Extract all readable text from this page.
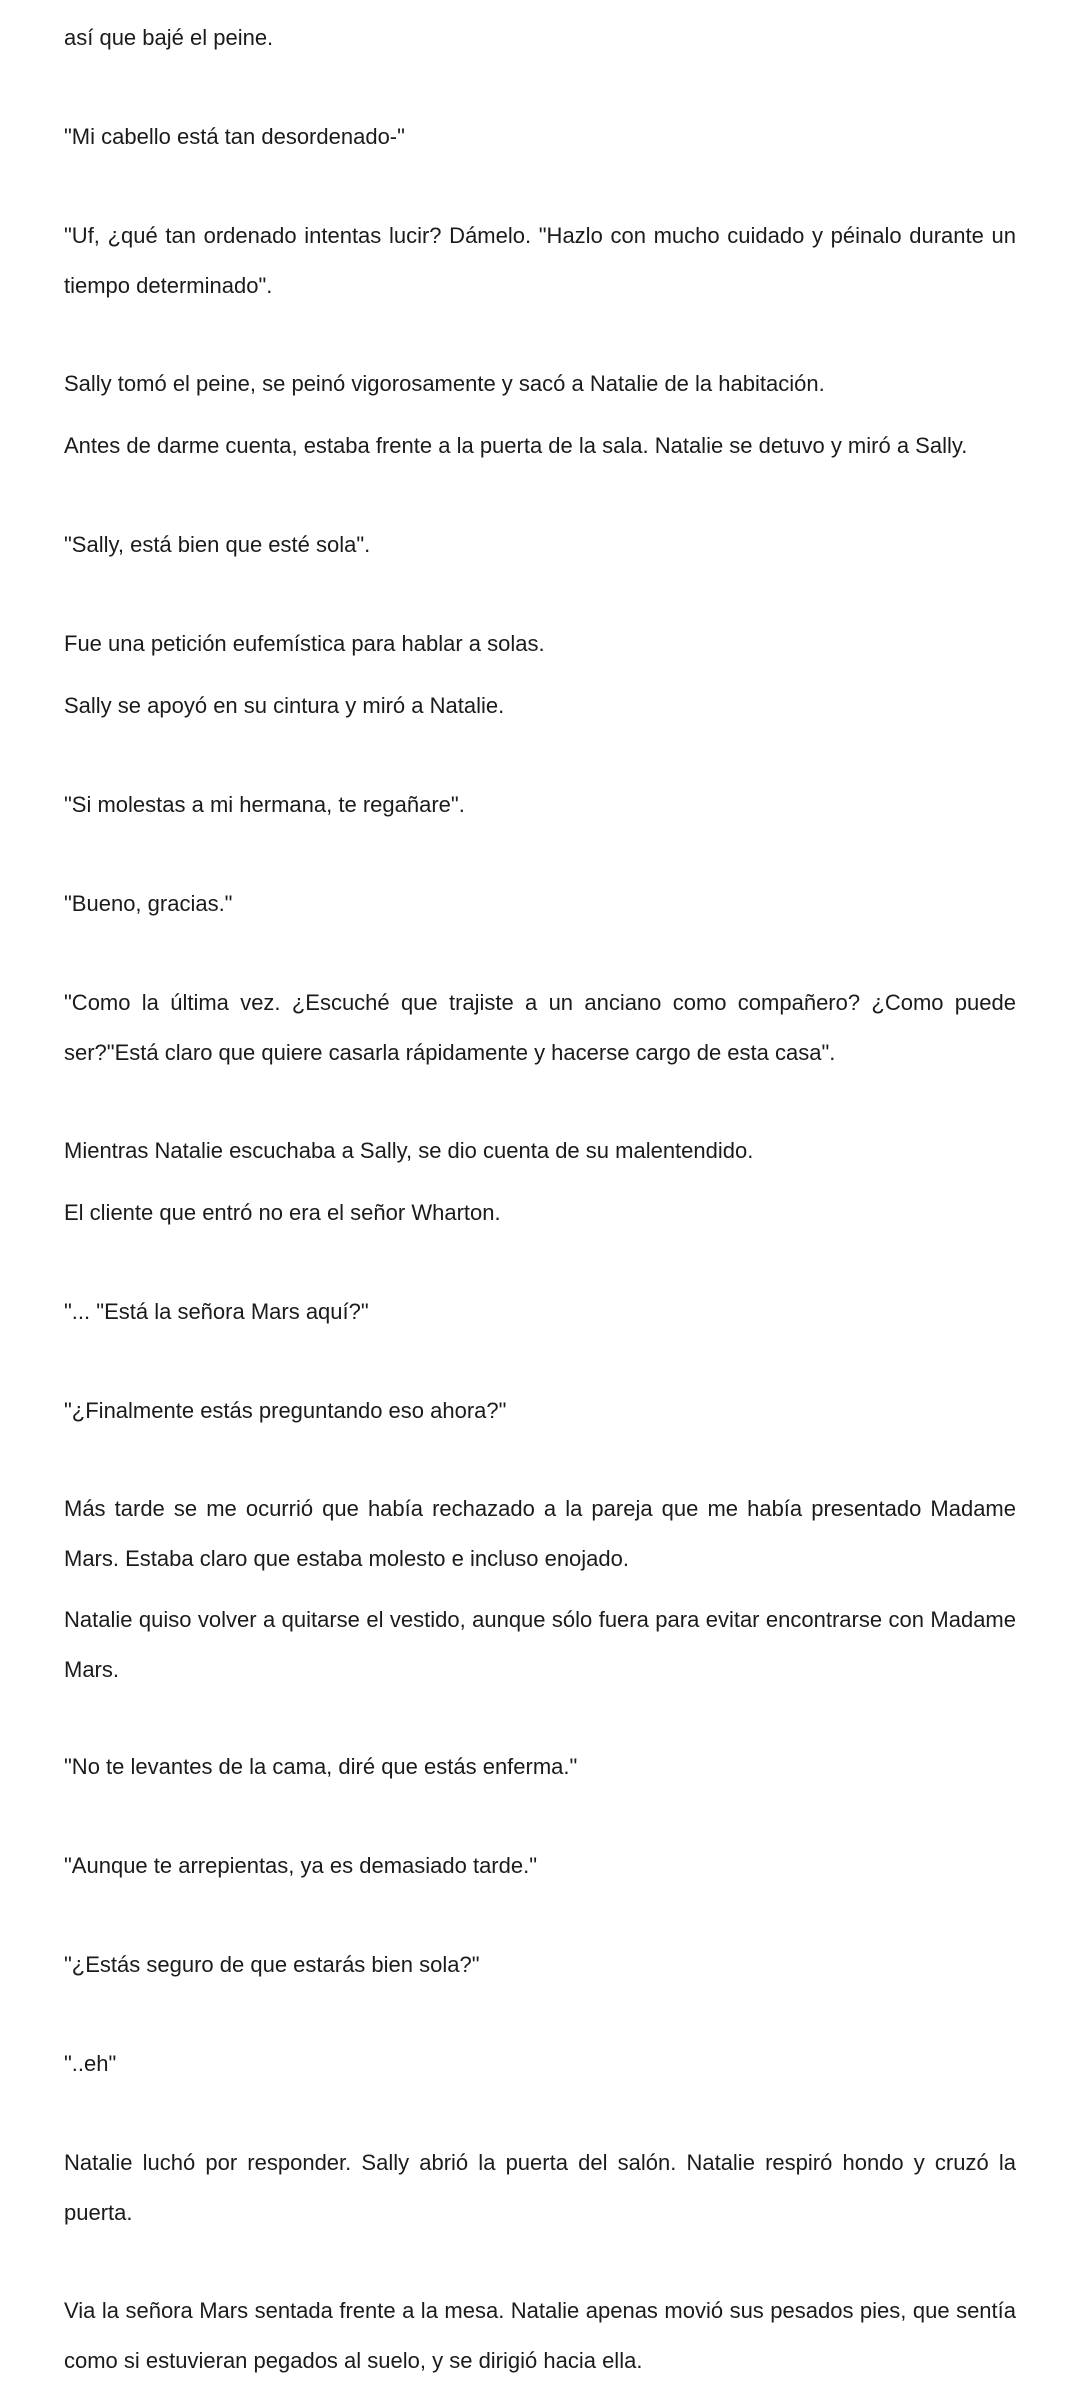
así que bajé el peine.

"Mi cabello está tan desordenado-"

"Uf, ¿qué tan ordenado intentas lucir? Dámelo. "Hazlo con mucho cuidado y péinalo durante un tiempo determinado".

Sally tomó el peine, se peinó vigorosamente y sacó a Natalie de la habitación.

Antes de darme cuenta, estaba frente a la puerta de la sala. Natalie se detuvo y miró a Sally.

"Sally, está bien que esté sola".

Fue una petición eufemística para hablar a solas.

Sally se apoyó en su cintura y miró a Natalie.

"Si molestas a mi hermana, te regañare".

"Bueno, gracias."

"Como la última vez. ¿Escuché que trajiste a un anciano como compañero? ¿Como puede ser?"Está claro que quiere casarla rápidamente y hacerse cargo de esta casa".

Mientras Natalie escuchaba a Sally, se dio cuenta de su malentendido.

El cliente que entró no era el señor Wharton.

"... "Está la señora Mars aquí?"

"¿Finalmente estás preguntando eso ahora?"

Más tarde se me ocurrió que había rechazado a la pareja que me había presentado Madame Mars. Estaba claro que estaba molesto e incluso enojado.

Natalie quiso volver a quitarse el vestido, aunque sólo fuera para evitar encontrarse con Madame Mars.

"No te levantes de la cama, diré que estás enferma."

"Aunque te arrepientas, ya es demasiado tarde."

"¿Estás seguro de que estarás bien sola?"

"..eh"

Natalie luchó por responder. Sally abrió la puerta del salón. Natalie respiró hondo y cruzó la puerta.

Via la señora Mars sentada frente a la mesa. Natalie apenas movió sus pesados pies, que sentía como si estuvieran pegados al suelo, y se dirigió hacia ella.
